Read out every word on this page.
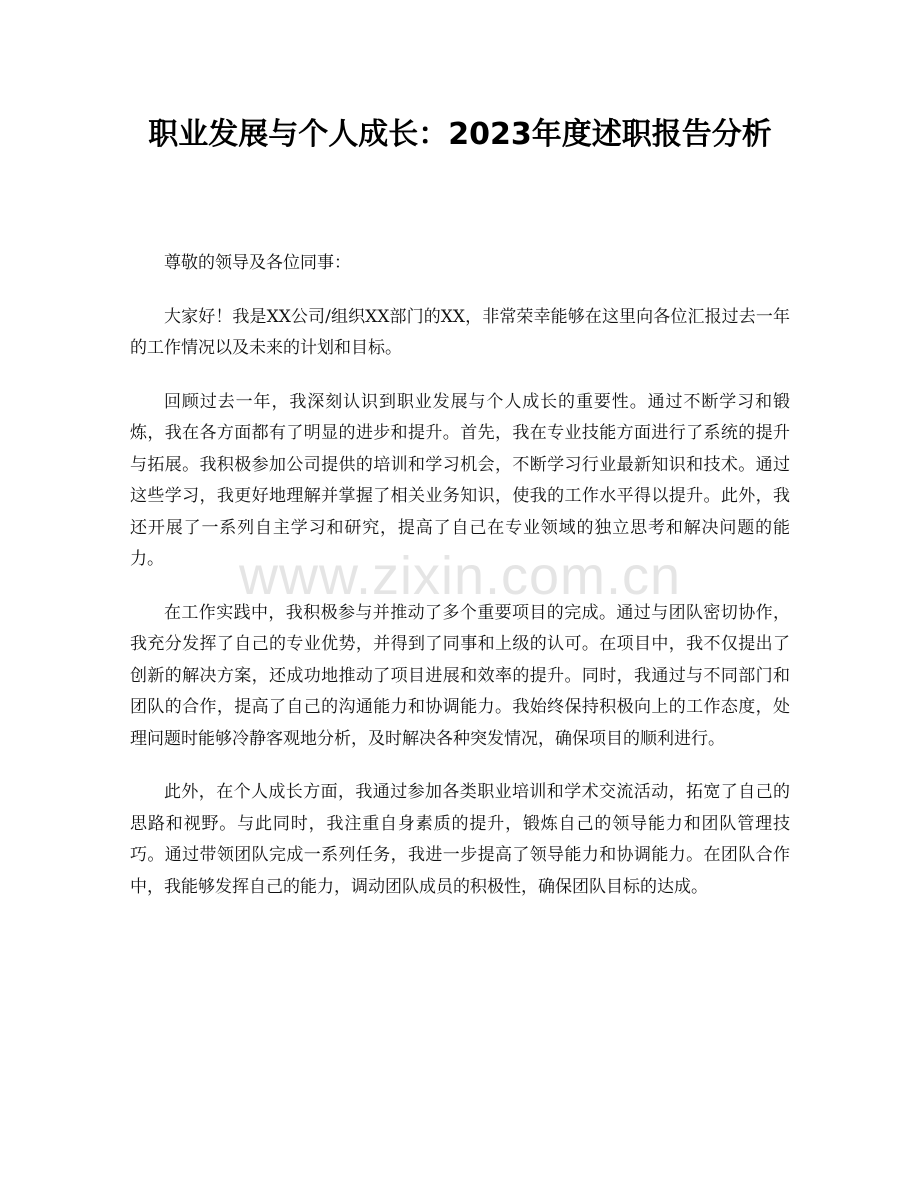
职业发展与个人成长：2023年度述职报告分析

尊敬的领导及各位同事：

大家好！我是XX公司/组织XX部门的XX，非常荣幸能够在这里向各位汇报过去一年的工作情况以及未来的计划和目标。

回顾过去一年，我深刻认识到职业发展与个人成长的重要性。通过不断学习和锻炼，我在各方面都有了明显的进步和提升。首先，我在专业技能方面进行了系统的提升与拓展。我积极参加公司提供的培训和学习机会，不断学习行业最新知识和技术。通过这些学习，我更好地理解并掌握了相关业务知识，使我的工作水平得以提升。此外，我还开展了一系列自主学习和研究，提高了自己在专业领域的独立思考和解决问题的能力。

在工作实践中，我积极参与并推动了多个重要项目的完成。通过与团队密切协作，我充分发挥了自己的专业优势，并得到了同事和上级的认可。在项目中，我不仅提出了创新的解决方案，还成功地推动了项目进展和效率的提升。同时，我通过与不同部门和团队的合作，提高了自己的沟通能力和协调能力。我始终保持积极向上的工作态度，处理问题时能够冷静客观地分析，及时解决各种突发情况，确保项目的顺利进行。

此外，在个人成长方面，我通过参加各类职业培训和学术交流活动，拓宽了自己的思路和视野。与此同时，我注重自身素质的提升，锻炼自己的领导能力和团队管理技巧。通过带领团队完成一系列任务，我进一步提高了领导能力和协调能力。在团队合作中，我能够发挥自己的能力，调动团队成员的积极性，确保团队目标的达成。

www.zixin.com.cn
